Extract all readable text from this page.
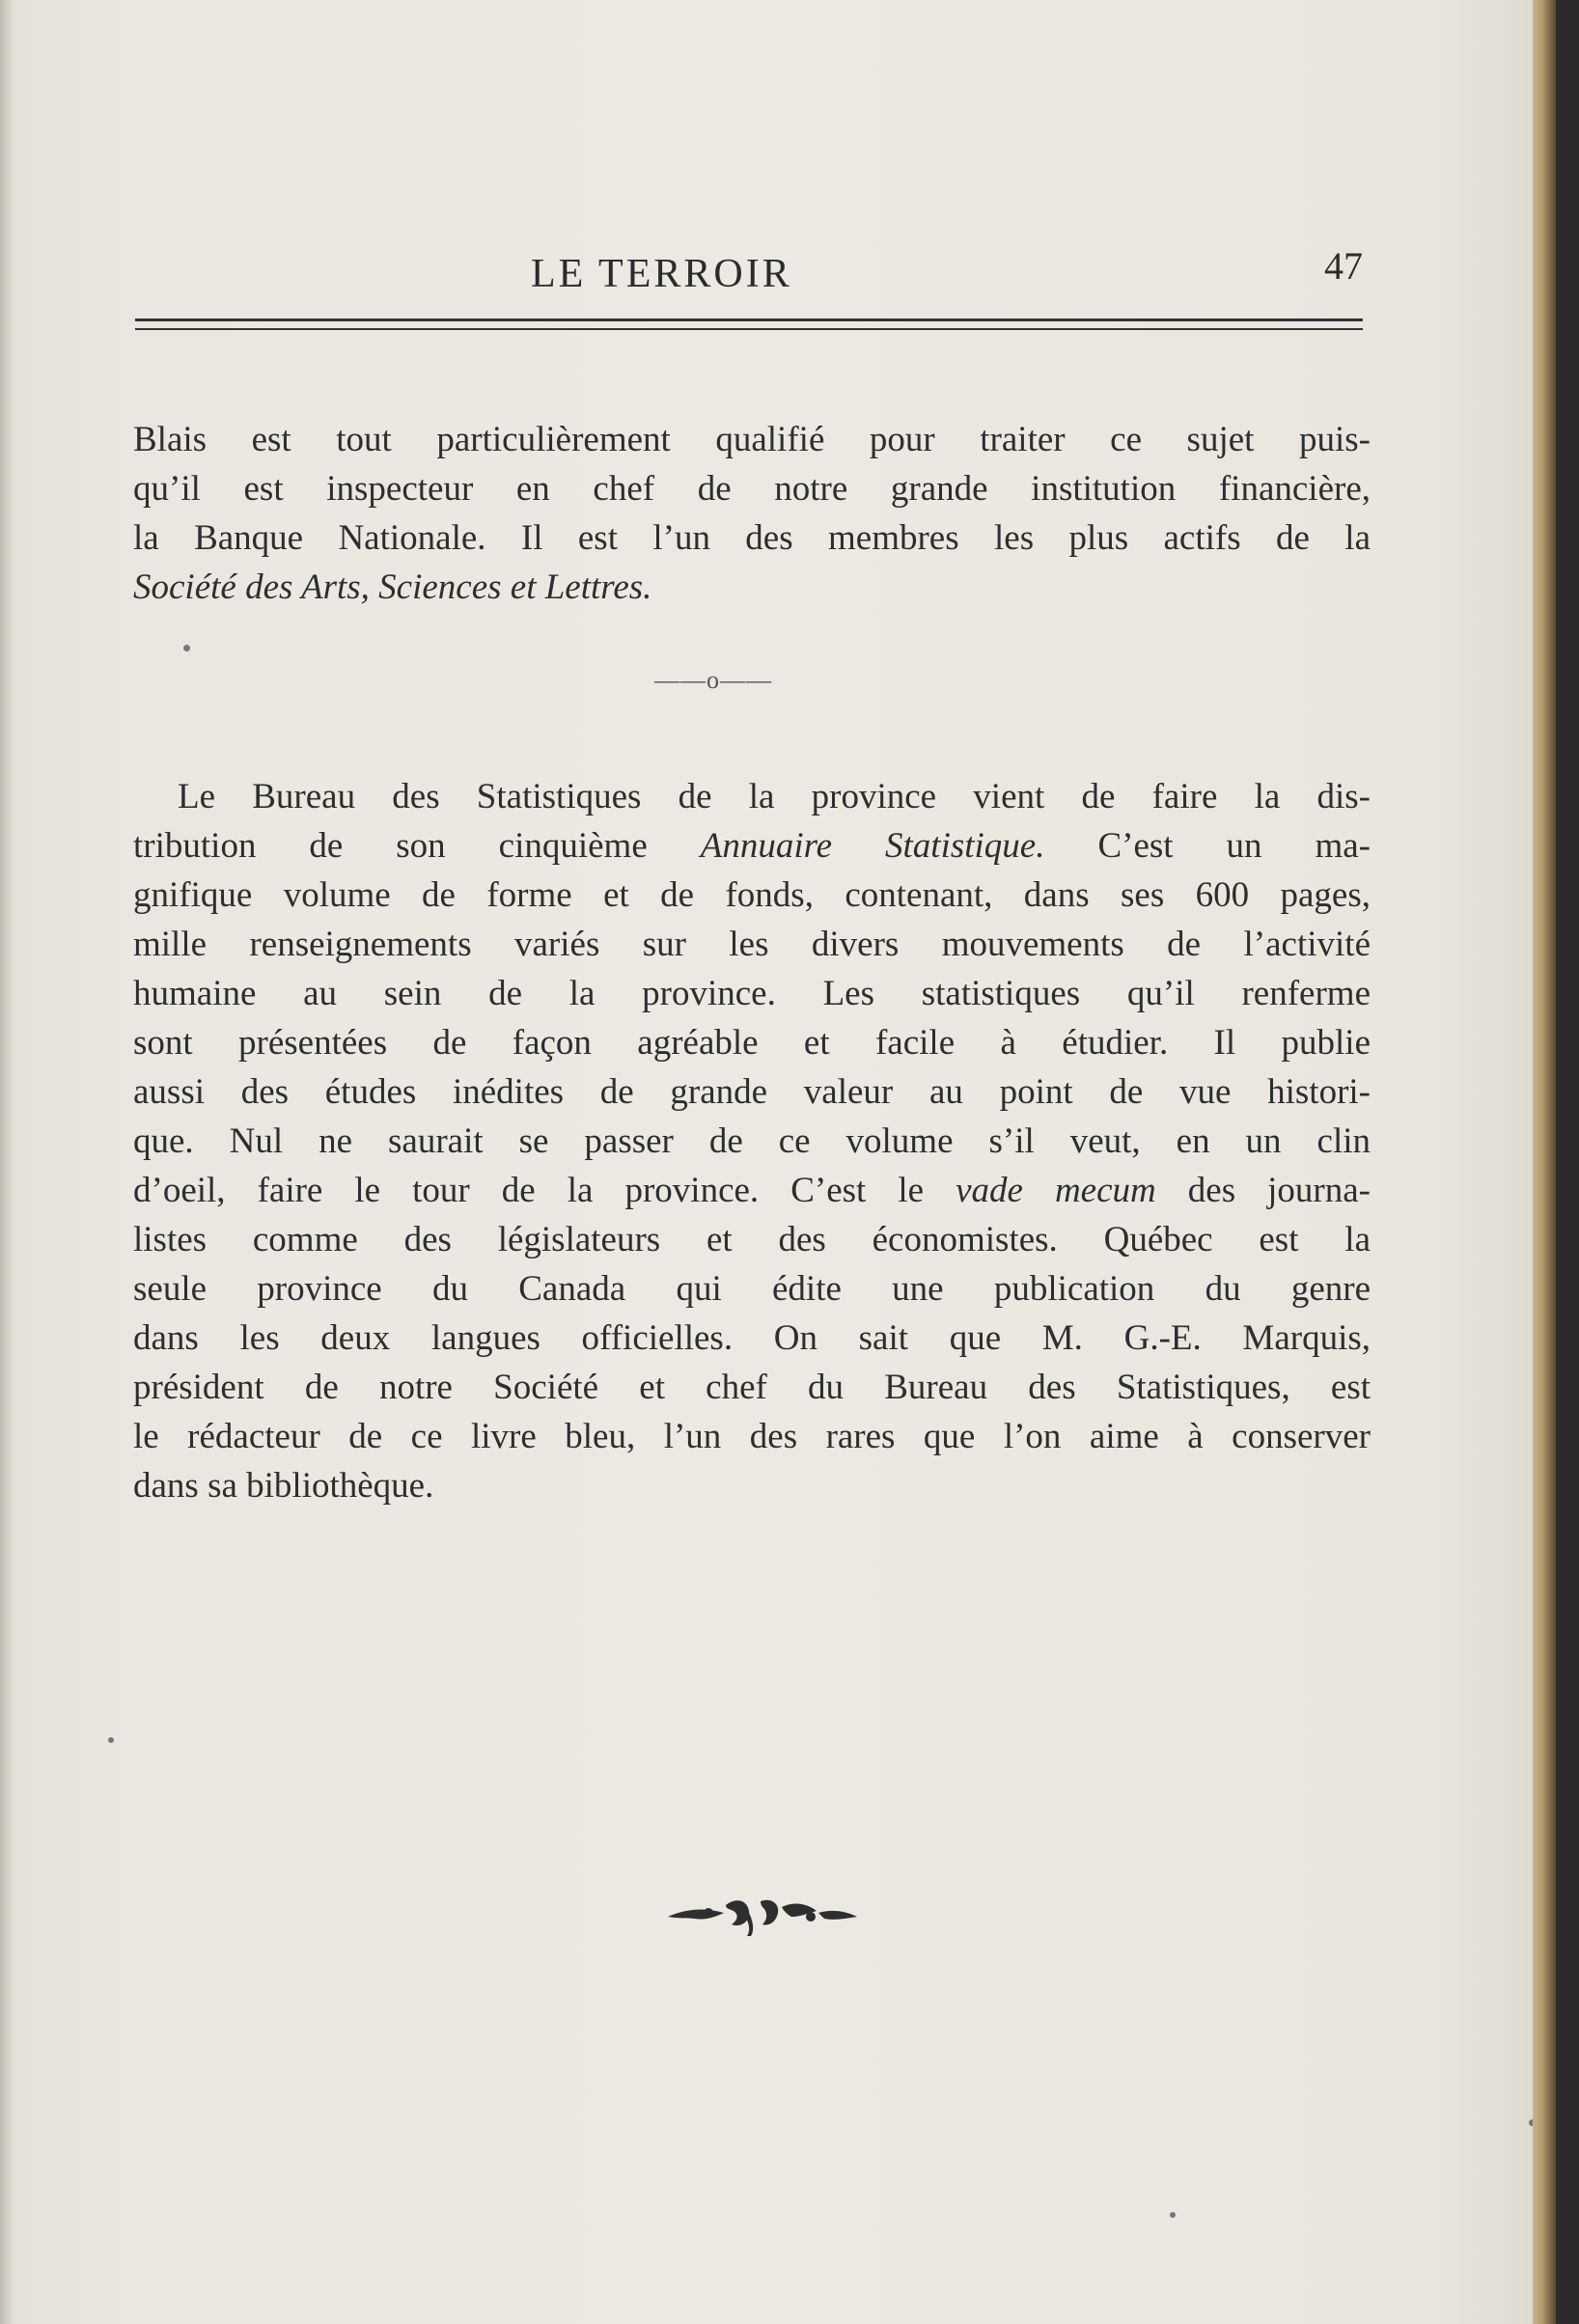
LE TERROIR	47
Blais est tout particulièrement qualifié pour traiter ce sujet puis-
qu’il est inspecteur en chef de notre grande institution financière,
la Banque Nationale. Il est l’un des membres les plus actifs de la
Société des Arts, Sciences et Lettres.
——o——
Le Bureau des Statistiques de la province vient de faire la dis-
tribution de son cinquième Annuaire Statistique. C’est un ma-
gnifique volume de forme et de fonds, contenant, dans ses 600 pages,
mille renseignements variés sur les divers mouvements de l’activité
humaine au sein de la province. Les statistiques qu’il renferme
sont présentées de façon agréable et facile à étudier. Il publie
aussi des études inédites de grande valeur au point de vue histori-
que. Nul ne saurait se passer de ce volume s’il veut, en un clin
d’oeil, faire le tour de la province. C’est le vade mecum des journa-
listes comme des législateurs et des économistes. Québec est la
seule province du Canada qui édite une publication du genre
dans les deux langues officielles. On sait que M. G.-E. Marquis,
président de notre Société et chef du Bureau des Statistiques, est
le rédacteur de ce livre bleu, l’un des rares que l’on aime à conserver
dans sa bibliothèque.
